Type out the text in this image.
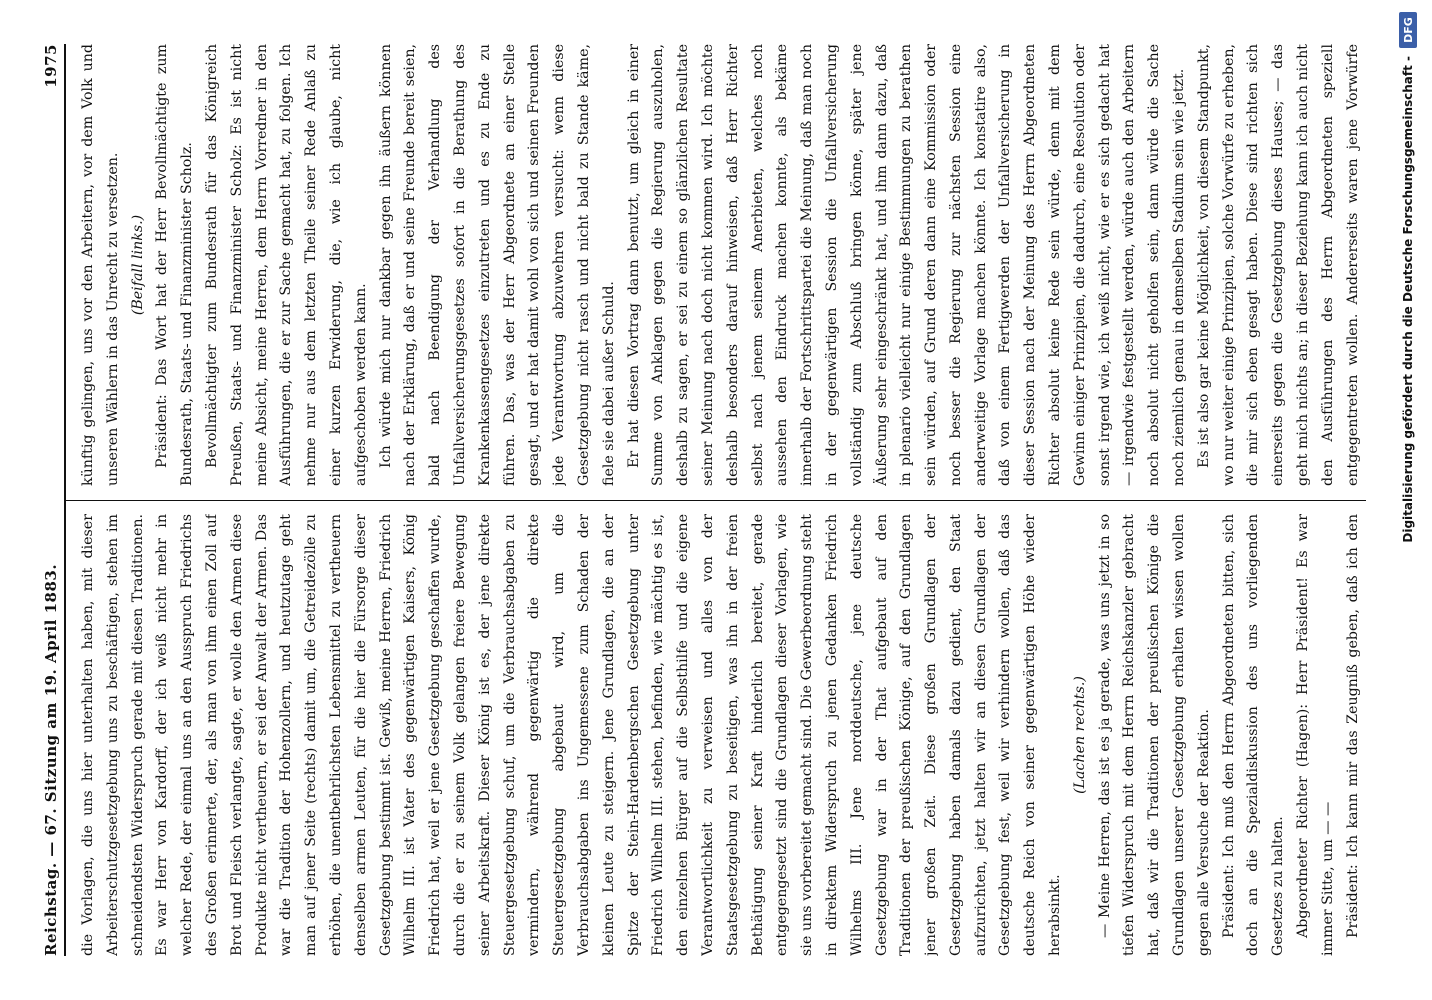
Reichstag. — 67. Sitzung am 19. April 1883.
1975

die Vorlagen, die uns hier unterhalten haben, mit dieser Arbeiterschutzgesetzgebung uns zu beschäftigen, stehen im schneidendsten Widerspruch gerade mit diesen Traditionen. Es war Herr von Kardorff, der ich weiß nicht mehr in welcher Rede, der einmal uns an den Ausspruch Friedrichs des Großen erinnerte, der, als man von ihm einen Zoll auf Brot und Fleisch verlangte, sagte, er wolle den Armen diese Produkte nicht vertheuern, er sei der Anwalt der Armen. Das war die Tradition der Hohenzollern, und heutzutage geht man auf jener Seite (rechts) damit um, die Getreidezölle zu erhöhen, die unentbehrlichsten Lebensmittel zu vertheuern denselben armen Leuten, für die hier die Fürsorge dieser Gesetzgebung bestimmt ist. Gewiß, meine Herren, Friedrich Wilhelm III. ist Vater des gegenwärtigen Kaisers, König Friedrich hat, weil er jene Gesetzgebung geschaffen wurde, durch die er zu seinem Volk gelangen freiere Bewegung seiner Arbeitskraft. Dieser König ist es, der jene direkte Steuergesetzgebung schuf, um die Verbrauchsabgaben zu vermindern, während gegenwärtig die direkte Steuergesetzgebung abgebaut wird, um die Verbrauchsabgaben ins Ungemessene zum Schaden der kleinen Leute zu steigern. Jene Grundlagen, die an der Spitze der Stein-Hardenbergschen Gesetzgebung unter Friedrich Wilhelm III. stehen, befinden, wie mächtig es ist, den einzelnen Bürger auf die Selbsthilfe und die eigene Verantwortlichkeit zu verweisen und alles von der Staatsgesetzgebung zu beseitigen, was ihn in der freien Bethätigung seiner Kraft hinderlich bereitet, gerade entgegengesetzt sind die Grundlagen dieser Vorlagen, wie sie uns vorbereitet gemacht sind. Die Gewerbeordnung steht in direktem Widerspruch zu jenen Gedanken Friedrich Wilhelms III. Jene norddeutsche, jene deutsche Gesetzgebung war in der That aufgebaut auf den Traditionen der preußischen Könige, auf den Grundlagen jener großen Zeit. Diese großen Grundlagen der Gesetzgebung haben damals dazu gedient, den Staat aufzurichten, jetzt halten wir an diesen Grundlagen der Gesetzgebung fest, weil wir verhindern wollen, daß das deutsche Reich von seiner gegenwärtigen Höhe wieder herabsinkt.

(Lachen rechts.) — Meine Herren, das ist es ja gerade, was uns jetzt in so tiefen Widerspruch mit dem Herrn Reichskanzler gebracht hat, daß wir die Traditionen der preußischen Könige die Grundlagen unserer Gesetzgebung erhalten wissen wollen gegen alle Versuche der Reaktion. Präsident: Ich muß den Herrn Abgeordneten bitten, sich doch an die Spezialdiskussion des uns vorliegenden Gesetzes zu halten. Abgeordneter Richter (Hagen): Herr Präsident! Es war immer Sitte, um — — Präsident: Ich kann mir das Zeugniß geben, daß ich den

künftig gelingen, uns vor den Arbeitern, vor dem Volk und unseren Wählern in das Unrecht zu versetzen. (Beifall links.) Präsident: Das Wort hat der Herr Bevollmächtigte zum Bundesrath, Staats- und Finanzminister Scholz. Bevollmächtigter zum Bundesrath für das Königreich Preußen, Staats- und Finanzminister Scholz: Es ist nicht meine Absicht, meine Herren, dem Herrn Vorredner in den Ausführungen, die er zur Sache gemacht hat, zu folgen. Ich nehme nur aus dem letzten Theile seiner Rede Anlaß zu einer kurzen Erwiderung, die, wie ich glaube, nicht aufgeschoben werden kann. Ich würde mich nur dankbar gegen ihn äußern können nach der Erklärung, daß er und seine Freunde bereit seien, bald nach Beendigung der Verhandlung des Unfallversicherungsgesetzes sofort in die Berathung des Krankenkassengesetzes einzutreten und es zu Ende zu führen. Das, was der Herr Abgeordnete an einer Stelle gesagt, und er hat damit wohl von sich und seinen Freunden jede Verantwortung abzuwehren versucht: wenn diese Gesetzgebung nicht rasch und nicht bald zu Stande käme, fiele sie dabei außer Schuld. Er hat diesen Vortrag dann benutzt, um gleich in einer Summe von Anklagen gegen die Regierung auszuholen, deshalb zu sagen, er sei zu einem so glänzlichen Resultate seiner Meinung nach doch nicht kommen wird. Ich möchte deshalb besonders darauf hinweisen, daß Herr Richter selbst nach jenem seinem Anerbieten, welches noch aussehen den Eindruck machen konnte, als bekäme innerhalb der Fortschrittspartei die Meinung, daß man noch in der gegenwärtigen Session die Unfallversicherung vollständig zum Abschluß bringen könne, später jene Äußerung sehr eingeschränkt hat, und ihm dann dazu, daß in plenario vielleicht nur einige Bestimmungen zu berathen sein würden, auf Grund deren dann eine Kommission oder noch besser die Regierung zur nächsten Session eine anderweitige Vorlage machen könnte. Ich konstatire also, daß von einem Fertigwerden der Unfallversicherung in dieser Session nach der Meinung des Herrn Abgeordneten Richter absolut keine Rede sein würde, denn mit dem Gewinn einiger Prinzipien, die dadurch, eine Resolution oder sonst irgend wie, ich weiß nicht, wie er es sich gedacht hat — irgendwie festgestellt werden, würde auch den Arbeitern noch absolut nicht geholfen sein, dann würde die Sache noch ziemlich genau in demselben Stadium sein wie jetzt. Es ist also gar keine Möglichkeit, von diesem Standpunkt, wo nur weiter einige Prinzipien, solche Vorwürfe zu erheben, die mir sich eben gesagt haben. Diese sind richten sich einerseits gegen die Gesetzgebung dieses Hauses; — das geht mich nichts an; in dieser Beziehung kann ich auch nicht den Ausführungen des Herrn Abgeordneten speziell entgegentreten wollen. Andererseits waren jene Vorwürfe	Digitalisierung gefördert durch die Deutsche Forschungsgemeinschaft -
DFG
